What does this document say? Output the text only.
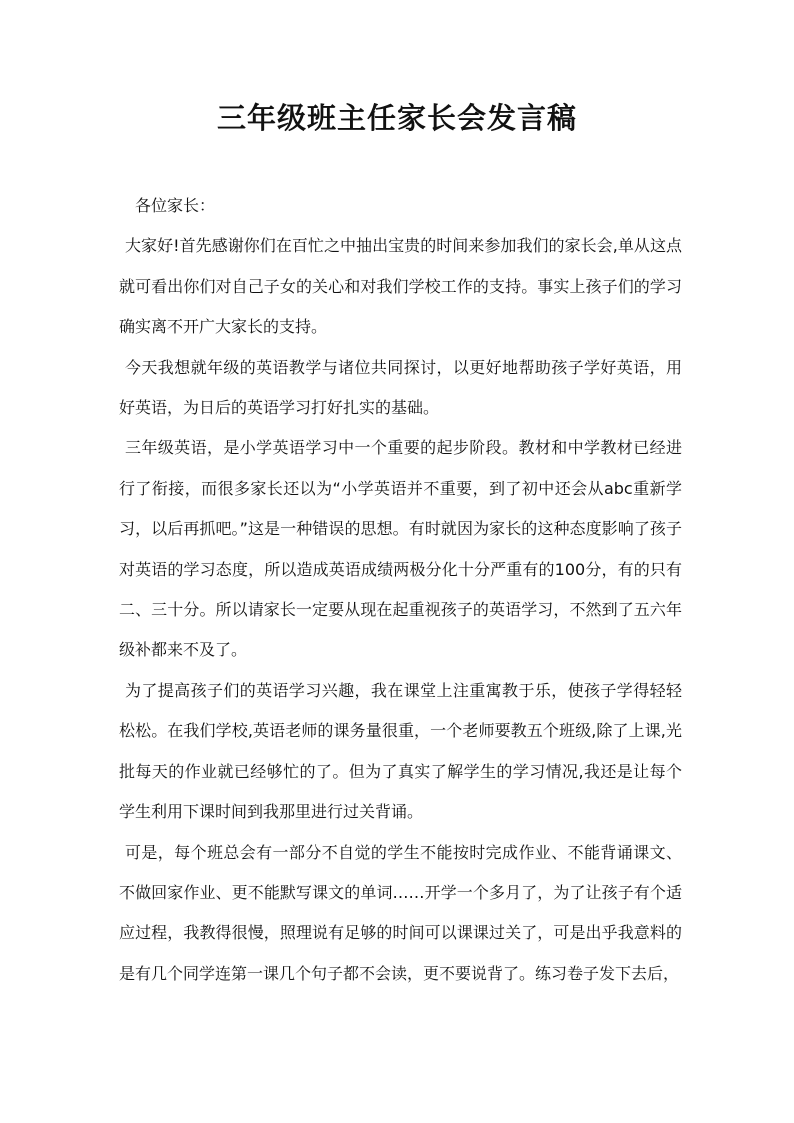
三年级班主任家长会发言稿

各位家长：

大家好!首先感谢你们在百忙之中抽出宝贵的时间来参加我们的家长会,单从这点就可看出你们对自己子女的关心和对我们学校工作的支持。事实上孩子们的学习确实离不开广大家长的支持。

今天我想就年级的英语教学与诸位共同探讨，以更好地帮助孩子学好英语，用好英语，为日后的英语学习打好扎实的基础。

三年级英语，是小学英语学习中一个重要的起步阶段。教材和中学教材已经进行了衔接，而很多家长还以为“小学英语并不重要，到了初中还会从abc重新学习，以后再抓吧。”这是一种错误的思想。有时就因为家长的这种态度影响了孩子对英语的学习态度，所以造成英语成绩两极分化十分严重有的100分，有的只有二、三十分。所以请家长一定要从现在起重视孩子的英语学习，不然到了五六年级补都来不及了。

为了提高孩子们的英语学习兴趣，我在课堂上注重寓教于乐，使孩子学得轻轻松松。在我们学校,英语老师的课务量很重，一个老师要教五个班级,除了上课,光批每天的作业就已经够忙的了。但为了真实了解学生的学习情况,我还是让每个学生利用下课时间到我那里进行过关背诵。

可是，每个班总会有一部分不自觉的学生不能按时完成作业、不能背诵课文、不做回家作业、更不能默写课文的单词……开学一个多月了，为了让孩子有个适应过程，我教得很慢，照理说有足够的时间可以课课过关了，可是出乎我意料的是有几个同学连第一课几个句子都不会读，更不要说背了。练习卷子发下去后，
